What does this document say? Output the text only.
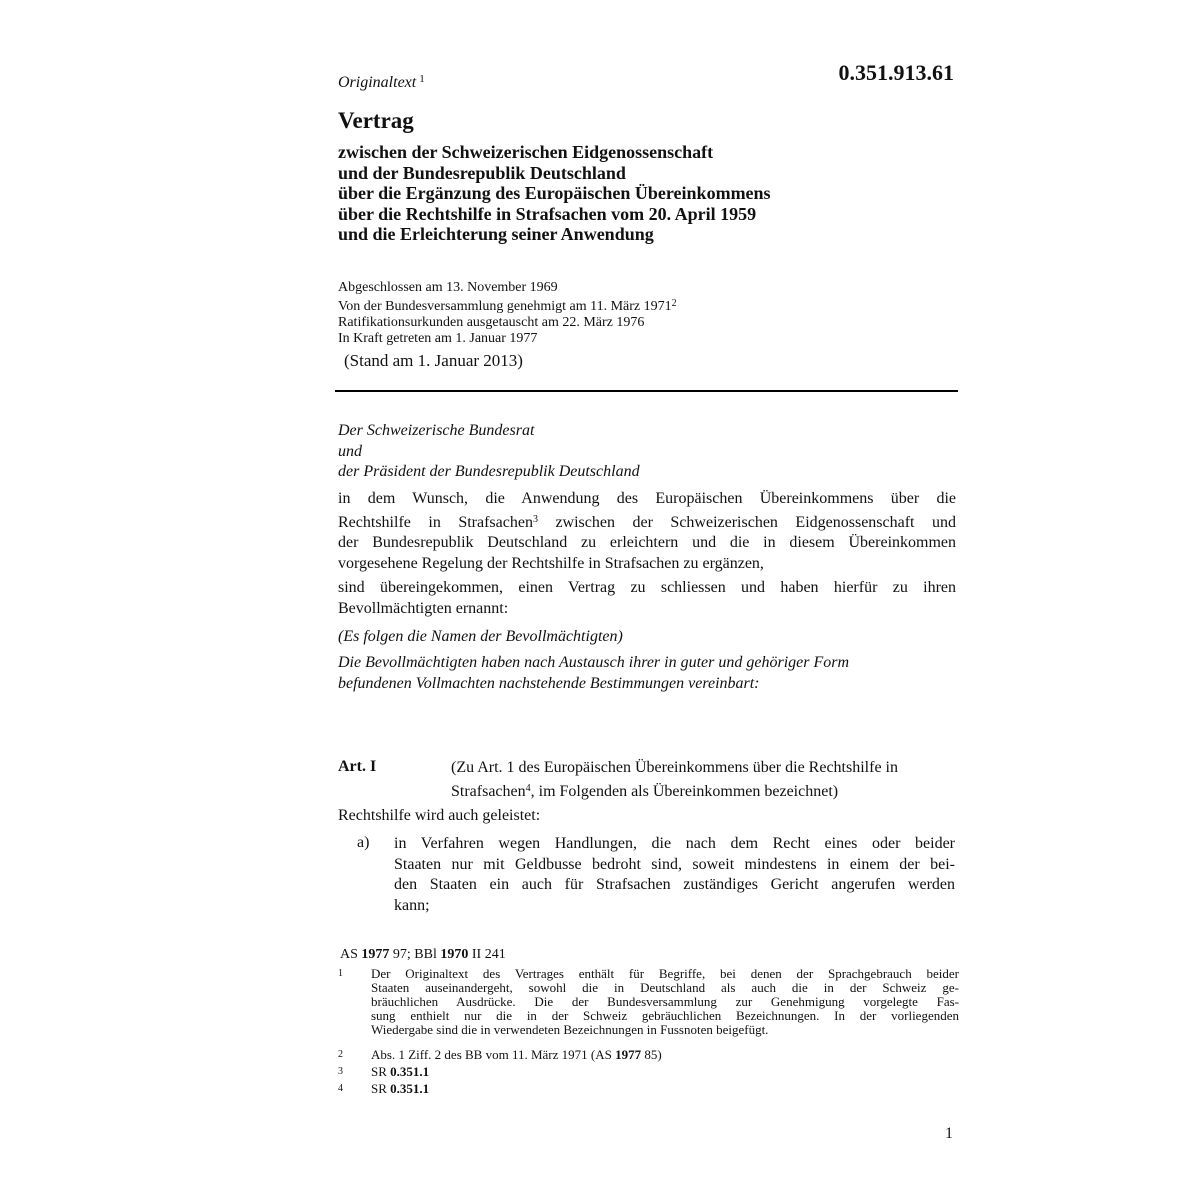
0.351.913.61
Originaltext $^1$
Vertrag
zwischen der Schweizerischen Eidgenossenschaft
und der Bundesrepublik Deutschland
über die Ergänzung des Europäischen Übereinkommens
über die Rechtshilfe in Strafsachen vom 20. April 1959
und die Erleichterung seiner Anwendung
Abgeschlossen am 13. November 1969
Von der Bundesversammlung genehmigt am 11. März 1971$^2$
Ratifikationsurkunden ausgetauscht am 22. März 1976
In Kraft getreten am 1. Januar 1977
(Stand am 1. Januar 2013)
Der Schweizerische Bundesrat
und
der Präsident der Bundesrepublik Deutschland
in dem Wunsch, die Anwendung des Europäischen Übereinkommens über die
Rechtshilfe in Strafsachen$^3$ zwischen der Schweizerischen Eidgenossenschaft und
der Bundesrepublik Deutschland zu erleichtern und die in diesem Übereinkommen
vorgesehene Regelung der Rechtshilfe in Strafsachen zu ergänzen,
sind übereingekommen, einen Vertrag zu schliessen und haben hierfür zu ihren
Bevollmächtigten ernannt:
(Es folgen die Namen der Bevollmächtigten)
Die Bevollmächtigten haben nach Austausch ihrer in guter und gehöriger Form
befundenen Vollmachten nachstehende Bestimmungen vereinbart:
Art. I	(Zu Art. 1 des Europäischen Übereinkommens über die Rechtshilfe in
Strafsachen$^4$, im Folgenden als Übereinkommen bezeichnet)
Rechtshilfe wird auch geleistet:
a) in Verfahren wegen Handlungen, die nach dem Recht eines oder beider
Staaten nur mit Geldbusse bedroht sind, soweit mindestens in einem der bei-
den Staaten ein auch für Strafsachen zuständiges Gericht angerufen werden
kann;
AS 1977 97; BBl 1970 II 241
1 Der Originaltext des Vertrages enthält für Begriffe, bei denen der Sprachgebrauch beider
Staaten auseinandergeht, sowohl die in Deutschland als auch die in der Schweiz ge-
bräuchlichen Ausdrücke. Die der Bundesversammlung zur Genehmigung vorgelegte Fas-
sung enthielt nur die in der Schweiz gebräuchlichen Bezeichnungen. In der vorliegenden
Wiedergabe sind die in verwendeten Bezeichnungen in Fussnoten beigefügt.
2 Abs. 1 Ziff. 2 des BB vom 11. März 1971 (AS 1977 85)
3 SR 0.351.1
4 SR 0.351.1
1
